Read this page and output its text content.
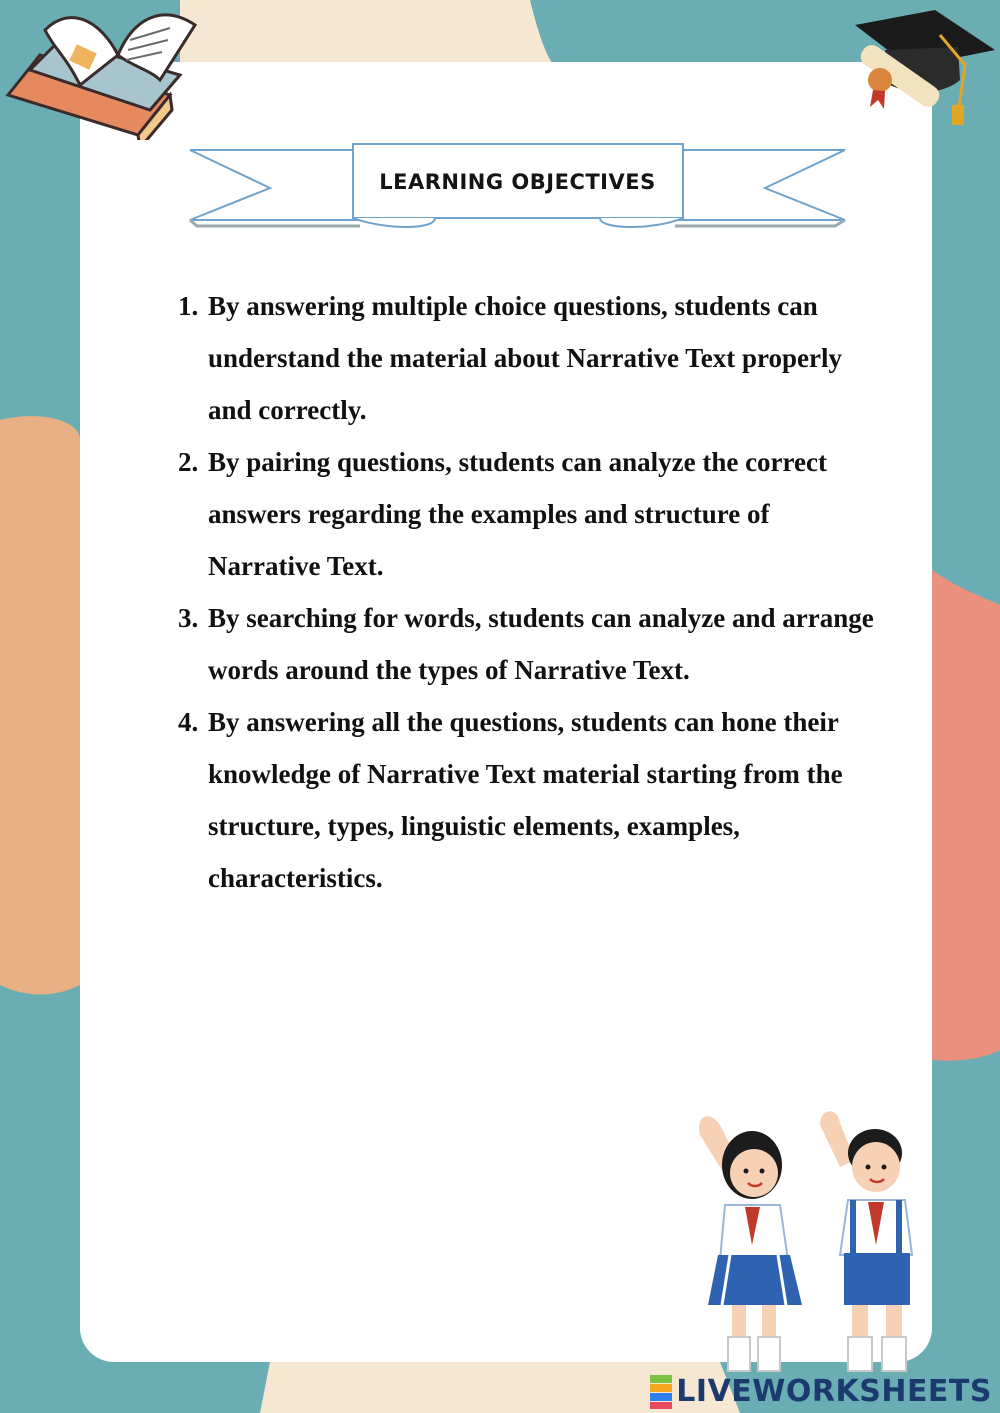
LEARNING OBJECTIVES
1. By answering multiple choice questions, students can understand the material about Narrative Text properly and correctly.
2. By pairing questions, students can analyze the correct answers regarding the examples and structure of Narrative Text.
3. By searching for words, students can analyze and arrange words around the types of Narrative Text.
4. By answering all the questions, students can hone their knowledge of Narrative Text material starting from the structure, types, linguistic elements, examples, characteristics.
LIVEWORKSHEETS
